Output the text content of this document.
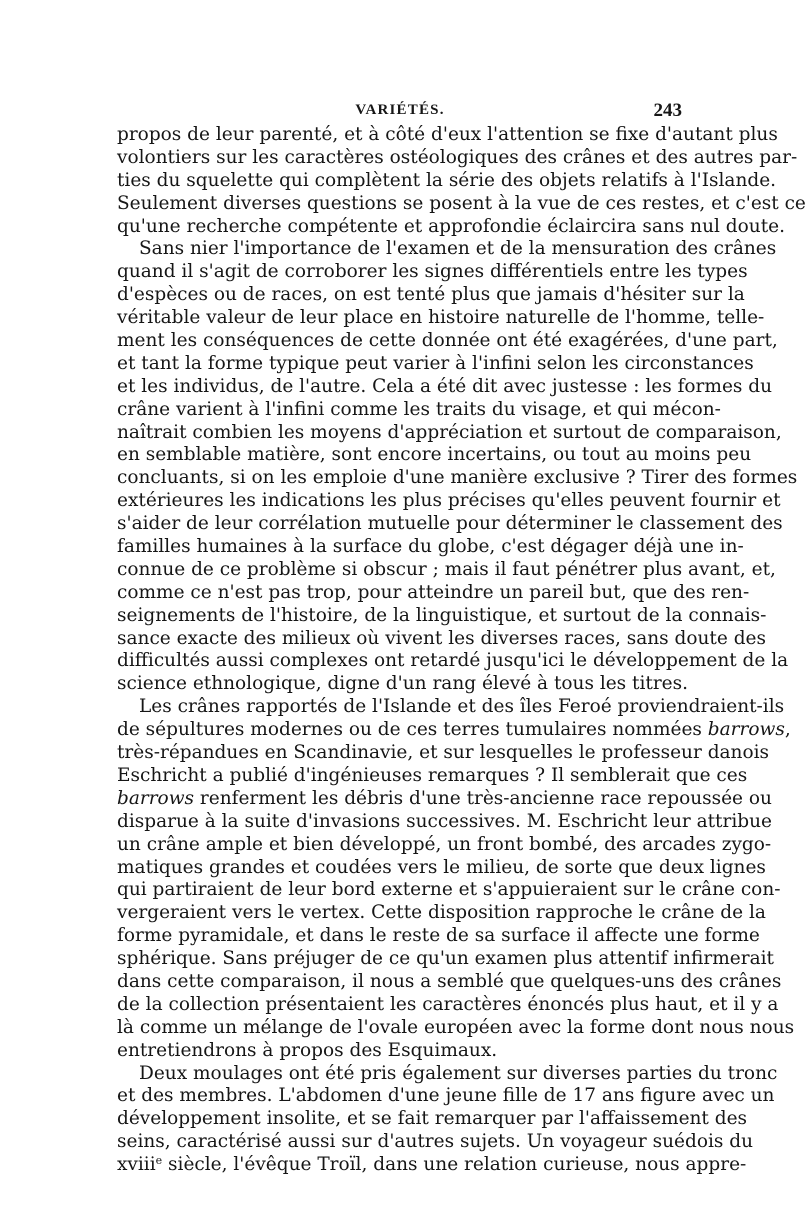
VARIÉTÉS.	243
propos de leur parenté, et à côté d'eux l'attention se fixe d'autant plus
volontiers sur les caractères ostéologiques des crânes et des autres par-
ties du squelette qui complètent la série des objets relatifs à l'Islande.
Seulement diverses questions se posent à la vue de ces restes, et c'est ce
qu'une recherche compétente et approfondie éclaircira sans nul doute.
Sans nier l'importance de l'examen et de la mensuration des crânes
quand il s'agit de corroborer les signes différentiels entre les types
d'espèces ou de races, on est tenté plus que jamais d'hésiter sur la
véritable valeur de leur place en histoire naturelle de l'homme, telle-
ment les conséquences de cette donnée ont été exagérées, d'une part,
et tant la forme typique peut varier à l'infini selon les circonstances
et les individus, de l'autre. Cela a été dit avec justesse : les formes du
crâne varient à l'infini comme les traits du visage, et qui mécon-
naîtrait combien les moyens d'appréciation et surtout de comparaison,
en semblable matière, sont encore incertains, ou tout au moins peu
concluants, si on les emploie d'une manière exclusive ? Tirer des formes
extérieures les indications les plus précises qu'elles peuvent fournir et
s'aider de leur corrélation mutuelle pour déterminer le classement des
familles humaines à la surface du globe, c'est dégager déjà une in-
connue de ce problème si obscur ; mais il faut pénétrer plus avant, et,
comme ce n'est pas trop, pour atteindre un pareil but, que des ren-
seignements de l'histoire, de la linguistique, et surtout de la connais-
sance exacte des milieux où vivent les diverses races, sans doute des
difficultés aussi complexes ont retardé jusqu'ici le développement de la
science ethnologique, digne d'un rang élevé à tous les titres.
Les crânes rapportés de l'Islande et des îles Feroé proviendraient-ils
de sépultures modernes ou de ces terres tumulaires nommées barrows,
très-répandues en Scandinavie, et sur lesquelles le professeur danois
Eschricht a publié d'ingénieuses remarques ? Il semblerait que ces
barrows renferment les débris d'une très-ancienne race repoussée ou
disparue à la suite d'invasions successives. M. Eschricht leur attribue
un crâne ample et bien développé, un front bombé, des arcades zygo-
matiques grandes et coudées vers le milieu, de sorte que deux lignes
qui partiraient de leur bord externe et s'appuieraient sur le crâne con-
vergeraient vers le vertex. Cette disposition rapproche le crâne de la
forme pyramidale, et dans le reste de sa surface il affecte une forme
sphérique. Sans préjuger de ce qu'un examen plus attentif infirmerait
dans cette comparaison, il nous a semblé que quelques-uns des crânes
de la collection présentaient les caractères énoncés plus haut, et il y a
là comme un mélange de l'ovale européen avec la forme dont nous nous
entretiendrons à propos des Esquimaux.
Deux moulages ont été pris également sur diverses parties du tronc
et des membres. L'abdomen d'une jeune fille de 17 ans figure avec un
développement insolite, et se fait remarquer par l'affaissement des
seins, caractérisé aussi sur d'autres sujets. Un voyageur suédois du
xviii$^e$ siècle, l'évêque Troïl, dans une relation curieuse, nous appre-
